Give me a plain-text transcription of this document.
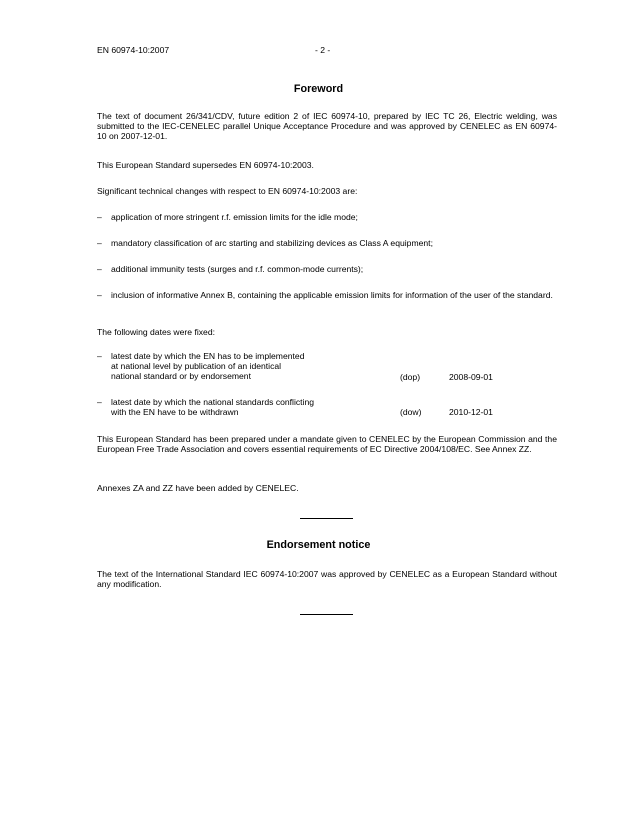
EN 60974-10:2007	- 2 -
Foreword
The text of document 26/341/CDV, future edition 2 of IEC 60974-10, prepared by IEC TC 26, Electric welding, was submitted to the IEC-CENELEC parallel Unique Acceptance Procedure and was approved by CENELEC as EN 60974-10 on 2007-12-01.
This European Standard supersedes EN 60974-10:2003.
Significant technical changes with respect to EN 60974-10:2003 are:
– application of more stringent r.f. emission limits for the idle mode;
– mandatory classification of arc starting and stabilizing devices as Class A equipment;
– additional immunity tests (surges and r.f. common-mode currents);
– inclusion of informative Annex B, containing the applicable emission limits for information of the user of the standard.
The following dates were fixed:
– latest date by which the EN has to be implemented
at national level by publication of an identical
national standard or by endorsement	(dop)	2008-09-01
– latest date by which the national standards conflicting
with the EN have to be withdrawn	(dow)	2010-12-01
This European Standard has been prepared under a mandate given to CENELEC by the European Commission and the European Free Trade Association and covers essential requirements of EC Directive 2004/108/EC. See Annex ZZ.
Annexes ZA and ZZ have been added by CENELEC.
Endorsement notice
The text of the International Standard IEC 60974-10:2007 was approved by CENELEC as a European Standard without any modification.
